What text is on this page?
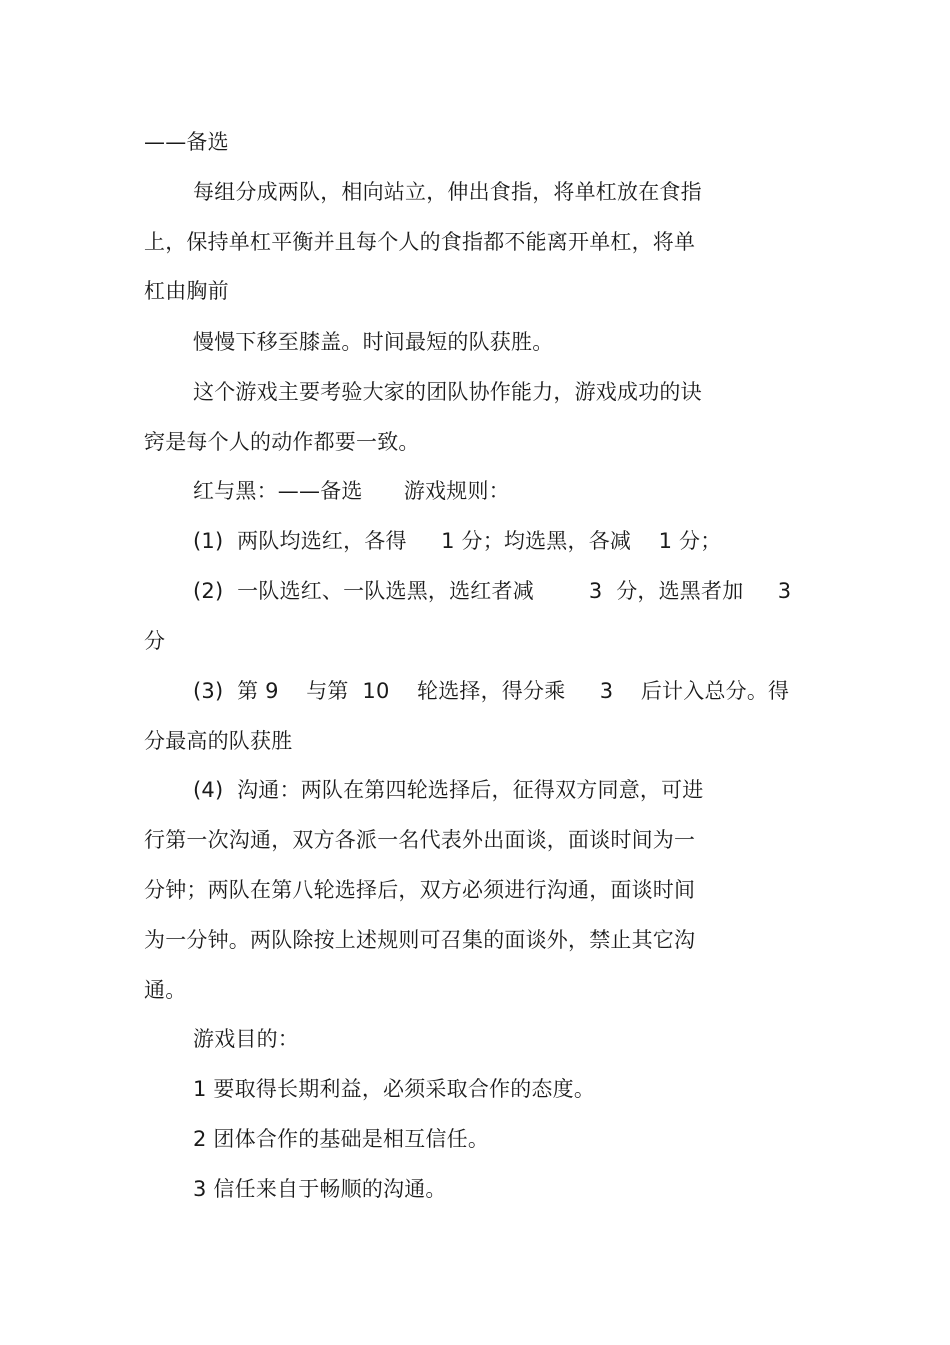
——备选
每组分成两队，相向站立，伸出食指，将单杠放在食指
上，保持单杠平衡并且每个人的食指都不能离开单杠，将单
杠由胸前
慢慢下移至膝盖。时间最短的队获胜。
这个游戏主要考验大家的团队协作能力，游戏成功的诀
窍是每个人的动作都要一致。
红与黑：——备选      游戏规则：
(1)  两队均选红，各得     1 分；均选黑，各减    1 分；
(2)  一队选红、一队选黑，选红者减        3  分，选黑者加     3
分
(3)  第 9    与第  10    轮选择，得分乘     3    后计入总分。得
分最高的队获胜
(4)  沟通：两队在第四轮选择后，征得双方同意，可进
行第一次沟通，双方各派一名代表外出面谈，面谈时间为一
分钟；两队在第八轮选择后，双方必须进行沟通，面谈时间
为一分钟。两队除按上述规则可召集的面谈外，禁止其它沟
通。
游戏目的：
1 要取得长期利益，必须采取合作的态度。
2 团体合作的基础是相互信任。
3 信任来自于畅顺的沟通。
